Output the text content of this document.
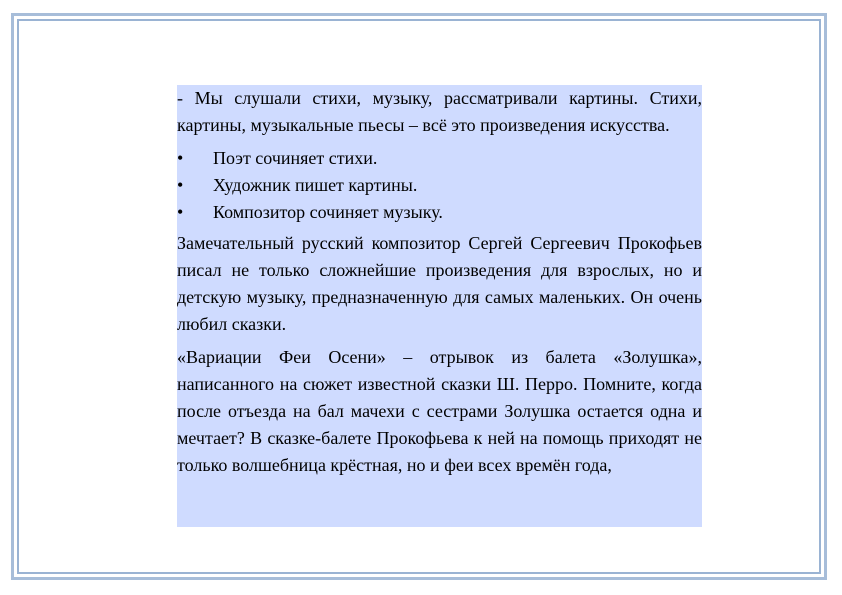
- Мы слушали стихи, музыку, рассматривали картины. Стихи, картины, музыкальные пьесы – всё это произведения искусства.

• Поэт сочиняет стихи.
• Художник пишет картины.
• Композитор сочиняет музыку.

Замечательный русский композитор Сергей Сергеевич Прокофьев писал не только сложнейшие произведения для взрослых, но и детскую музыку, предназначенную для самых маленьких. Он очень любил сказки.

«Вариации Феи Осени» – отрывок из балета «Золушка», написанного на сюжет известной сказки Ш. Перро. Помните, когда после отъезда на бал мачехи с сестрами Золушка остается одна и мечтает? В сказке-балете Прокофьева к ней на помощь приходят не только волшебница крёстная, но и феи всех времён года,
